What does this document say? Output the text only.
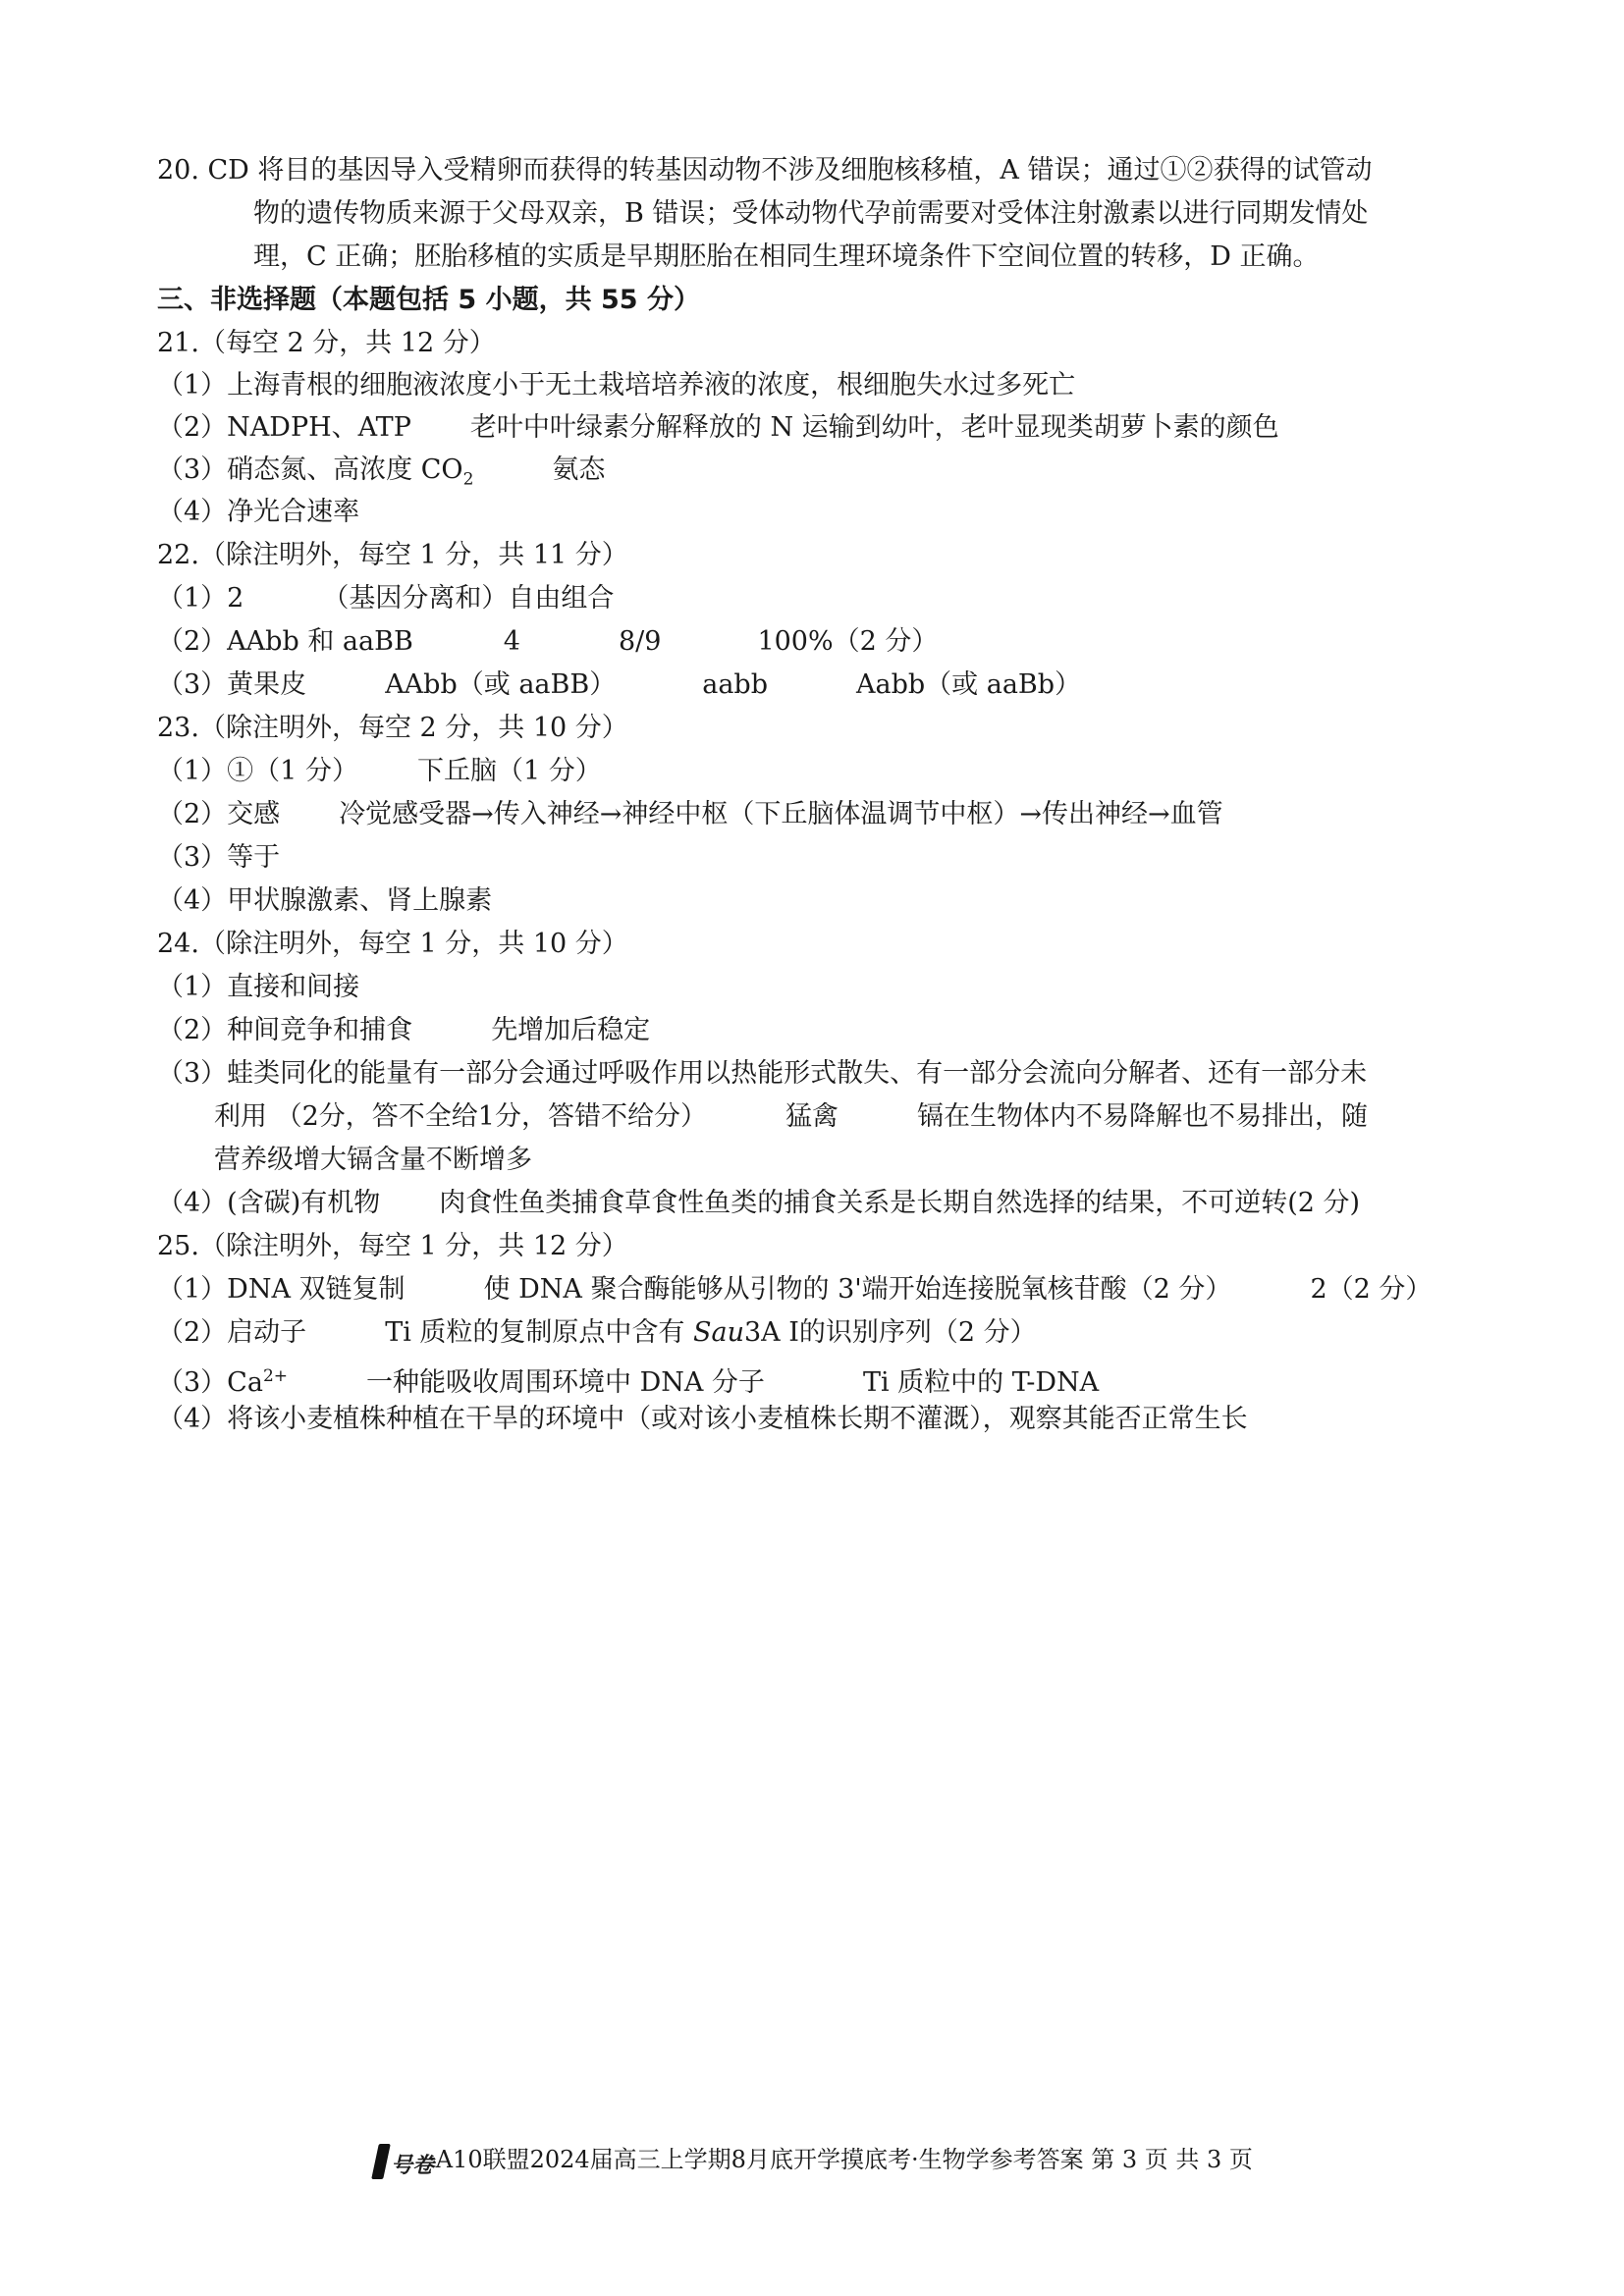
20. CD 将目的基因导入受精卵而获得的转基因动物不涉及细胞核移植，A 错误；通过①②获得的试管动
物的遗传物质来源于父母双亲，B 错误；受体动物代孕前需要对受体注射激素以进行同期发情处
理，C 正确；胚胎移植的实质是早期胚胎在相同生理环境条件下空间位置的转移，D 正确。
三、非选择题（本题包括 5 小题，共 55 分）
21.（每空 2 分，共 12 分）
（1）上海青根的细胞液浓度小于无土栽培培养液的浓度，根细胞失水过多死亡
（2）NADPH、ATP 老叶中叶绿素分解释放的 N 运输到幼叶，老叶显现类胡萝卜素的颜色
（3）硝态氮、高浓度 $CO_2$	氨态
（4）净光合速率
22.（除注明外，每空 1 分，共 11 分）
（1）2	（基因分离和）自由组合
（2）AAbb 和 aaBB	4	8/9	100%（2 分）
（3）黄果皮	AAbb（或 aaBB）	aabb	Aabb（或 aaBb）
23.（除注明外，每空 2 分，共 10 分）
（1）①（1 分） 下丘脑（1 分）
（2）交感 冷觉感受器→传入神经→神经中枢（下丘脑体温调节中枢）→传出神经→血管
（3）等于
（4）甲状腺激素、肾上腺素
24.（除注明外，每空 1 分，共 10 分）
（1）直接和间接
（2）种间竞争和捕食	先增加后稳定
（3）蛙类同化的能量有一部分会通过呼吸作用以热能形式散失、有一部分会流向分解者、还有一部分未
利用 （2分，答不全给1分，答错不给分）	猛禽	镉在生物体内不易降解也不易排出，随
营养级增大镉含量不断增多
（4）(含碳)有机物 肉食性鱼类捕食草食性鱼类的捕食关系是长期自然选择的结果，不可逆转(2 分)
25.（除注明外，每空 1 分，共 12 分）
（1）DNA 双链复制	使 DNA 聚合酶能够从引物的 3'端开始连接脱氧核苷酸（2 分）	2（2 分）
（2）启动子	Ti 质粒的复制原点中含有 Sau3A I的识别序列（2 分）
$(3)Ca^{2+}$	一种能吸收周围环境中 DNA 分子	Ti 质粒中的 T-DNA
（4）将该小麦植株种植在干旱的环境中（或对该小麦植株长期不灌溉），观察其能否正常生长
号卷
·A10联盟2024届高三上学期8月底开学摸底考·生物学参考答案 第 3 页 共 3 页
